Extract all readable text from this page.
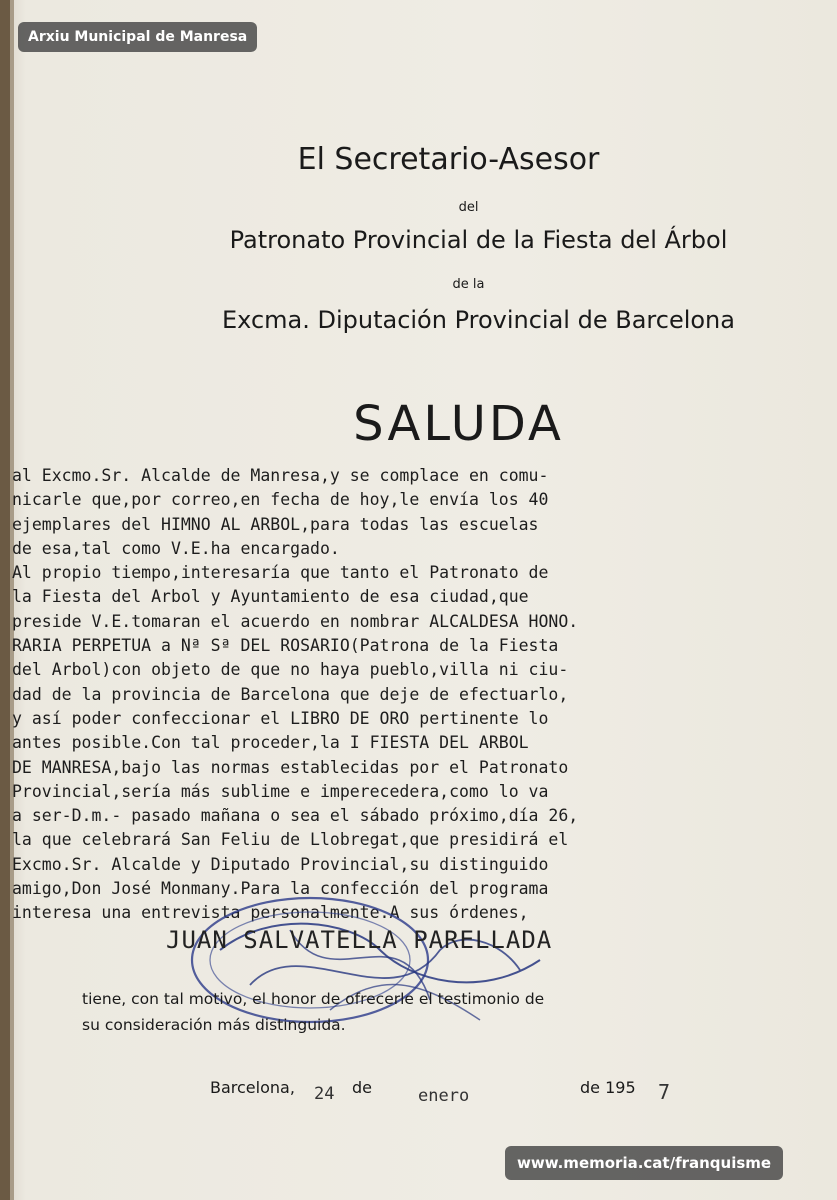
Arxiu Municipal de Manresa
El Secretario-Asesor
del
Patronato Provincial de la Fiesta del Árbol
de la
Excma. Diputación Provincial de Barcelona
SALUDA
al Excmo.Sr. Alcalde de Manresa,y se complace en comu-
nicarle que,por correo,en fecha de hoy,le envía los 40
ejemplares del HIMNO AL ARBOL,para todas las escuelas
de esa,tal como V.E.ha encargado.
Al propio tiempo,interesaría que tanto el Patronato de
la Fiesta del Arbol y Ayuntamiento de esa ciudad,que
preside V.E.tomaran el acuerdo en nombrar ALCALDESA HONO.
RARIA PERPETUA a Nª Sª DEL ROSARIO(Patrona de la Fiesta
del Arbol)con objeto de que no haya pueblo,villa ni ciu-
dad de la provincia de Barcelona que deje de efectuarlo,
y así poder confeccionar el LIBRO DE ORO pertinente lo
antes posible.Con tal proceder,la I FIESTA DEL ARBOL
DE MANRESA,bajo las normas establecidas por el Patronato
Provincial,sería más sublime e imperecedera,como lo va
a ser-D.m.- pasado mañana o sea el sábado próximo,día 26,
la que celebrará San Feliu de Llobregat,que presidirá el
Excmo.Sr. Alcalde y Diputado Provincial,su distinguido
amigo,Don José Monmany.Para la confección del programa
interesa una entrevista personalmente.A sus órdenes,
JUAN SALVATELLA PARELLADA
tiene, con tal motivo, el honor de ofrecerle el testimonio de
su consideración más distinguida.
Barcelona, 24 de	enero	de 195 7
www.memoria.cat/franquisme
